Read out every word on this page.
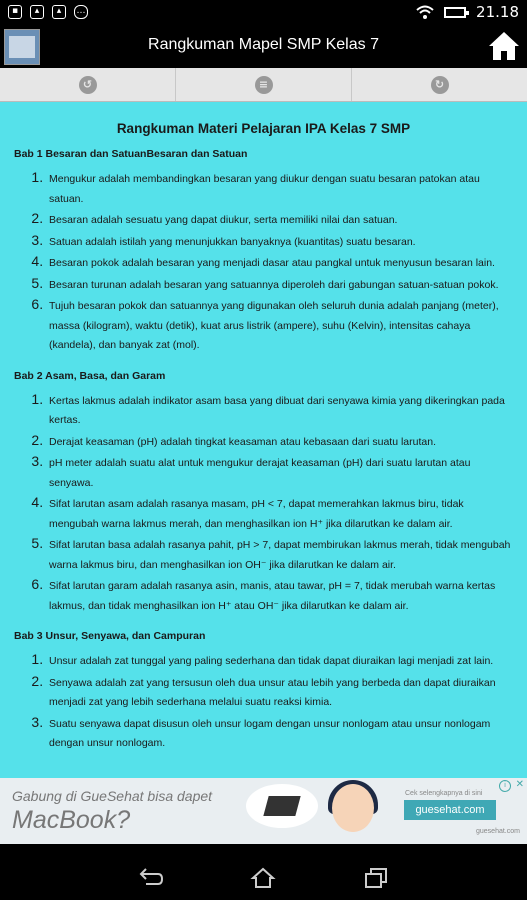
▪	▴	▴	…	21.18
Rangkuman Mapel SMP Kelas 7
↺	≡	↻
Rangkuman Materi Pelajaran IPA Kelas 7 SMP
Bab 1 Besaran dan SatuanBesaran dan Satuan
1. Mengukur adalah membandingkan besaran yang diukur dengan suatu besaran patokan atau satuan.
2. Besaran adalah sesuatu yang dapat diukur, serta memiliki nilai dan satuan.
3. Satuan adalah istilah yang menunjukkan banyaknya (kuantitas) suatu besaran.
4. Besaran pokok adalah besaran yang menjadi dasar atau pangkal untuk menyusun besaran lain.
5. Besaran turunan adalah besaran yang satuannya diperoleh dari gabungan satuan-satuan pokok.
6. Tujuh besaran pokok dan satuannya yang digunakan oleh seluruh dunia adalah panjang (meter), massa (kilogram), waktu (detik), kuat arus listrik (ampere), suhu (Kelvin), intensitas cahaya (kandela), dan banyak zat (mol).
Bab 2 Asam, Basa, dan Garam
1. Kertas lakmus adalah indikator asam basa yang dibuat dari senyawa kimia yang dikeringkan pada kertas.
2. Derajat keasaman (pH) adalah tingkat keasaman atau kebasaan dari suatu larutan.
3. pH meter adalah suatu alat untuk mengukur derajat keasaman (pH) dari suatu larutan atau senyawa.
4. Sifat larutan asam adalah rasanya masam, pH < 7, dapat memerahkan lakmus biru, tidak mengubah warna lakmus merah, dan menghasilkan ion H⁺ jika dilarutkan ke dalam air.
5. Sifat larutan basa adalah rasanya pahit, pH > 7, dapat membirukan lakmus merah, tidak mengubah warna lakmus biru, dan menghasilkan ion OH⁻ jika dilarutkan ke dalam air.
6. Sifat larutan garam adalah rasanya asin, manis, atau tawar, pH = 7, tidak merubah warna kertas lakmus, dan tidak menghasilkan ion H⁺ atau OH⁻ jika dilarutkan ke dalam air.
Bab 3 Unsur, Senyawa, dan Campuran
1. Unsur adalah zat tunggal yang paling sederhana dan tidak dapat diuraikan lagi menjadi zat lain.
2. Senyawa adalah zat yang tersusun oleh dua unsur atau lebih yang berbeda dan dapat diuraikan menjadi zat yang lebih sederhana melalui suatu reaksi kimia.
3. Suatu senyawa dapat disusun oleh unsur logam dengan unsur nonlogam atau unsur nonlogam dengan unsur nonlogam.
Gabung di GueSehat bisa dapet
MacBook?
Cek selengkapnya di sini
guesehat.com
guesehat.com
i ✕
